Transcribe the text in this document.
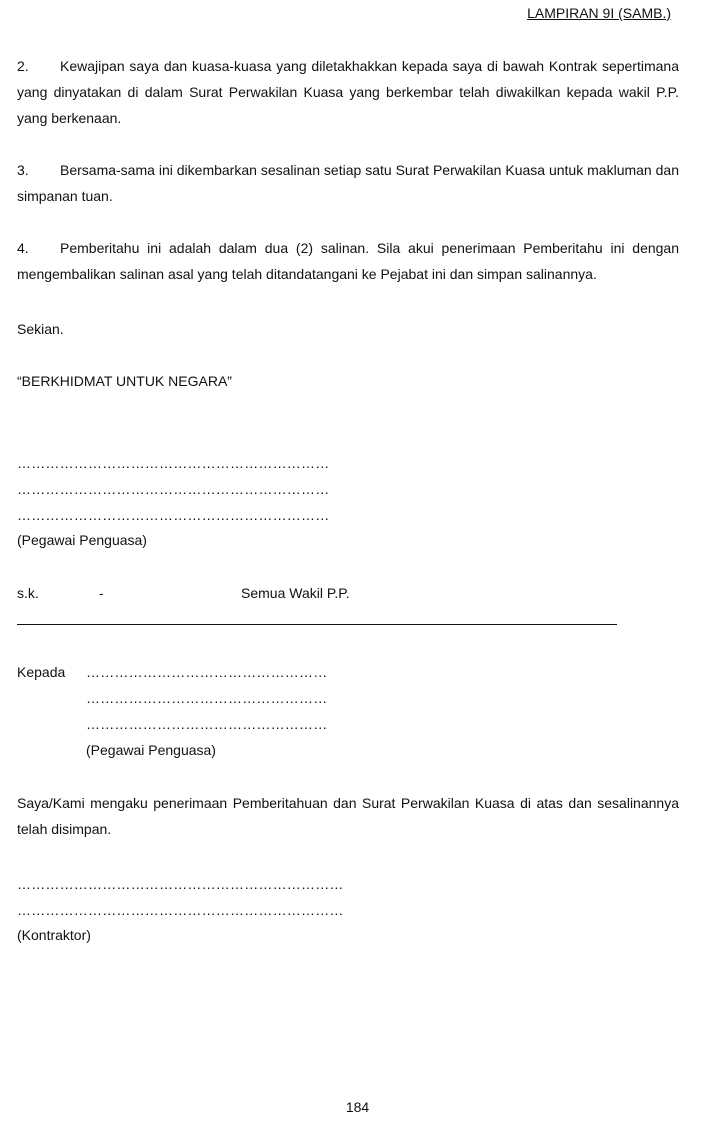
LAMPIRAN 9I (SAMB.)
2. Kewajipan saya dan kuasa-kuasa yang diletakhakkan kepada saya di bawah Kontrak sepertimana yang dinyatakan di dalam Surat Perwakilan Kuasa yang berkembar telah diwakilkan kepada wakil P.P. yang berkenaan.
3. Bersama-sama ini dikembarkan sesalinan setiap satu Surat Perwakilan Kuasa untuk makluman dan simpanan tuan.
4. Pemberitahu ini adalah dalam dua (2) salinan. Sila akui penerimaan Pemberitahu ini dengan mengembalikan salinan asal yang telah ditandatangani ke Pejabat ini dan simpan salinannya.
Sekian.
“BERKHIDMAT UNTUK NEGARA”
…………………………………………………………
…………………………………………………………
…………………………………………………………
(Pegawai Penguasa)
s.k.	-	Semua Wakil P.P.
Kepada ……………………………………………
……………………………………………
……………………………………………
(Pegawai Penguasa)
Saya/Kami mengaku penerimaan Pemberitahuan dan Surat Perwakilan Kuasa di atas dan sesalinannya telah disimpan.
……………………………………………………………
……………………………………………………………
(Kontraktor)
184
